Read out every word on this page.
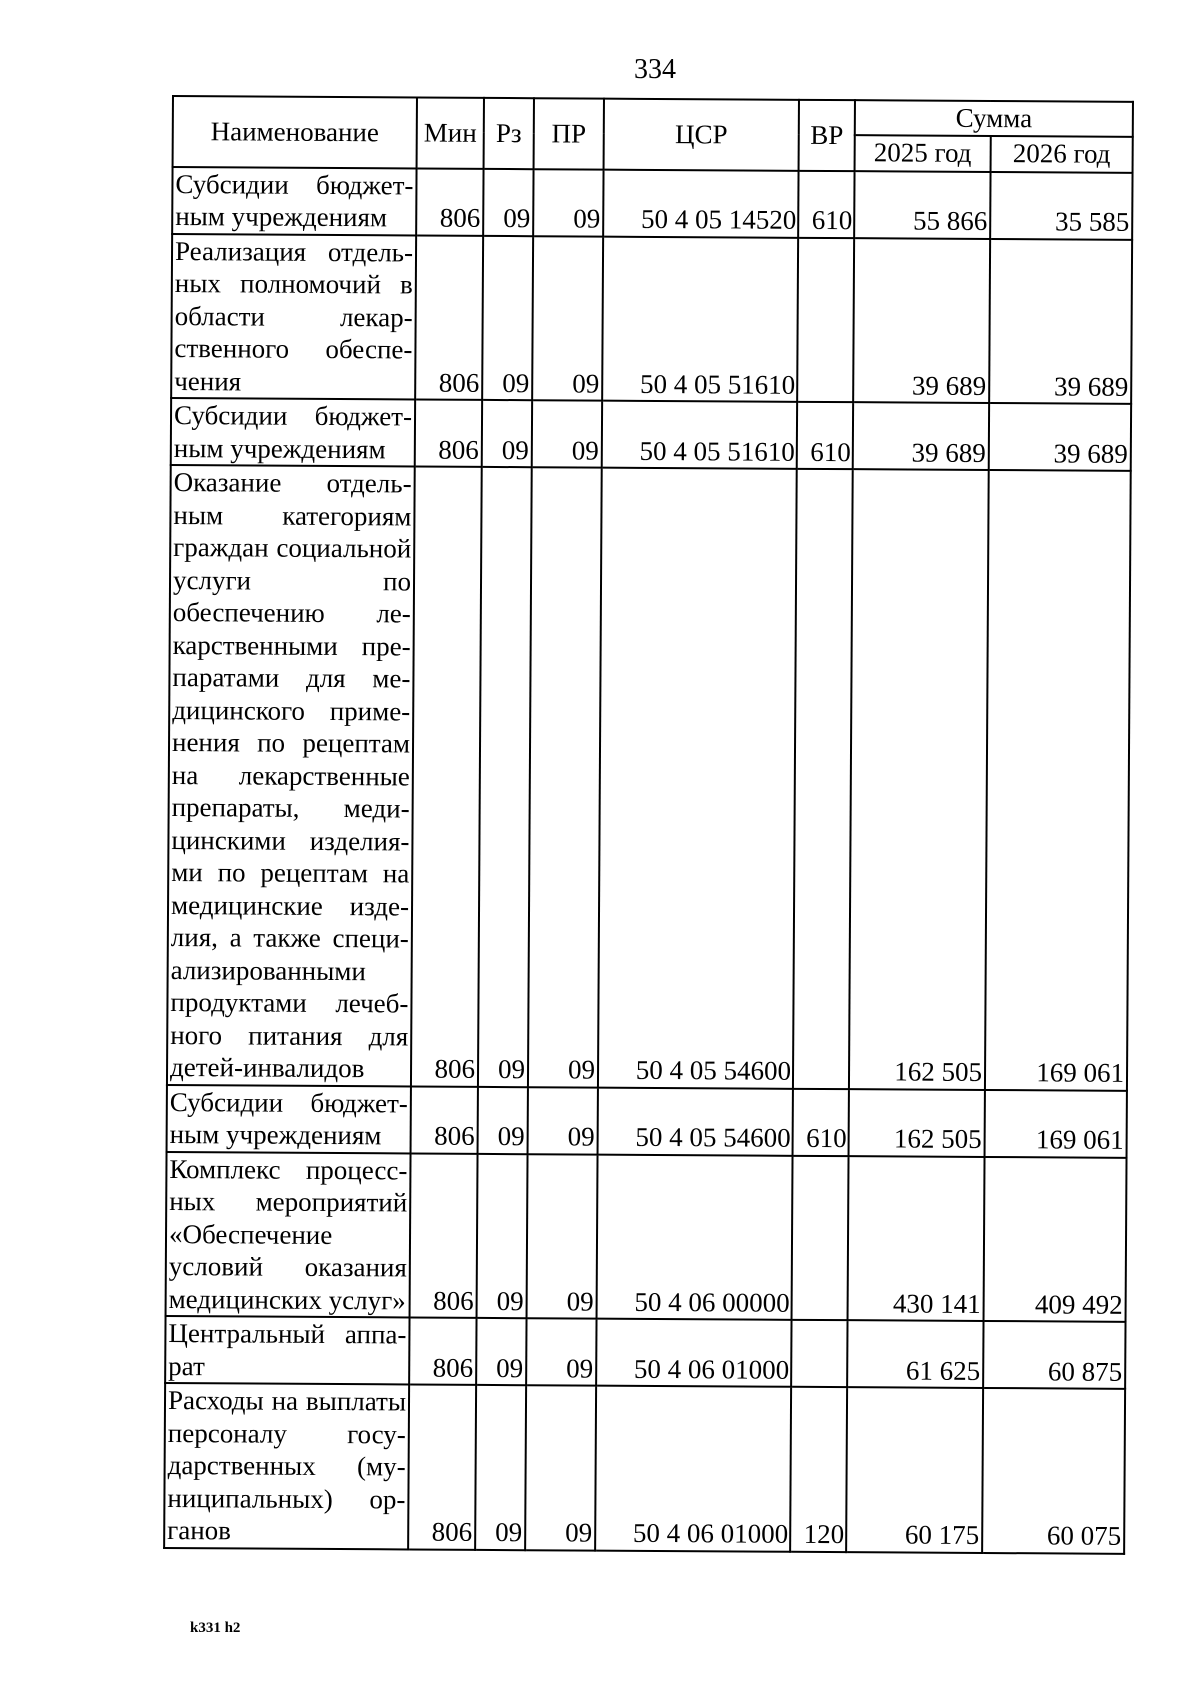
334
Наименование	Мин	Рз	ПР	ЦСР	ВР	Сумма	
						2025 год	2026 год
Субсидии бюджетным учреждениям	806	09	09	50 4 05 14520	610	55 866	35 585
Реализация отдельных полномочий в области лекарственного обеспечения	806	09	09	50 4 05 51610		39 689	39 689
Субсидии бюджетным учреждениям	806	09	09	50 4 05 51610	610	39 689	39 689
Оказание отдельным категориям граждан социальной услуги по обеспечению лекарственными препаратами для медицинского применения по рецептам на лекарственные препараты, медицинскими изделиями по рецептам на медицинские изделия, а также специализированными продуктами лечебного питания для детей-инвалидов	806	09	09	50 4 05 54600		162 505	169 061
Субсидии бюджетным учреждениям	806	09	09	50 4 05 54600	610	162 505	169 061
Комплекс процессных мероприятий «Обеспечение условий оказания медицинских услуг»	806	09	09	50 4 06 00000		430 141	409 492
Центральный аппарат	806	09	09	50 4 06 01000		61 625	60 875
Расходы на выплаты персоналу государственных (муниципальных) органов	806	09	09	50 4 06 01000	120	60 175	60 075
k331 h2
